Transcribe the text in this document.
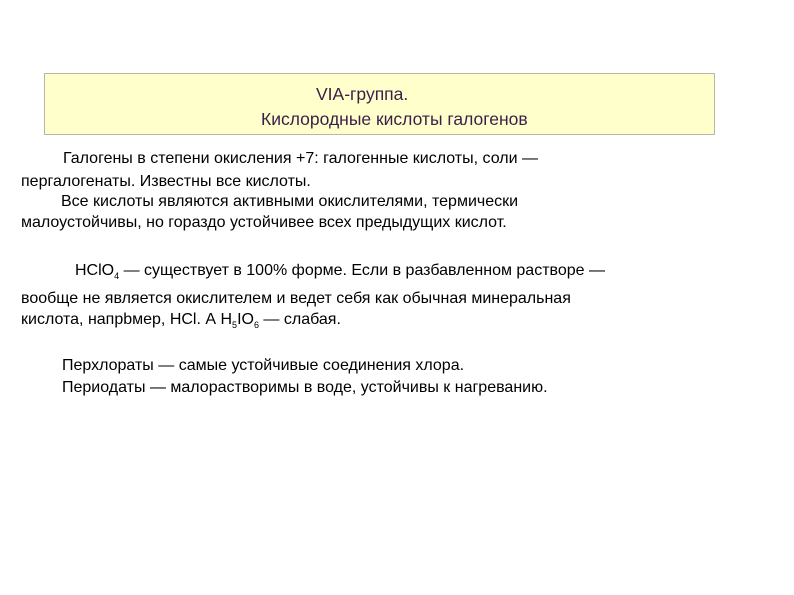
VIA-группа.
Кислородные кислоты галогенов
Галогены в степени окисления +7: галогенные кислоты, соли —
пергалогенаты. Известны все кислоты.
Все кислоты являются активными окислителями, термически
малоустойчивы, но гораздо устойчивее всех предыдущих кислот.
HClO$_4$ — существует в 100% форме. Если в разбавленном растворе —
вообще не является окислителем и ведет себя как обычная минеральная
кислота, напрbмер, HCl. А $H_5IO_6$ — слабая.
Перхлораты — самые устойчивые соединения хлора.
Периодаты — малорастворимы в воде, устойчивы к нагреванию.
